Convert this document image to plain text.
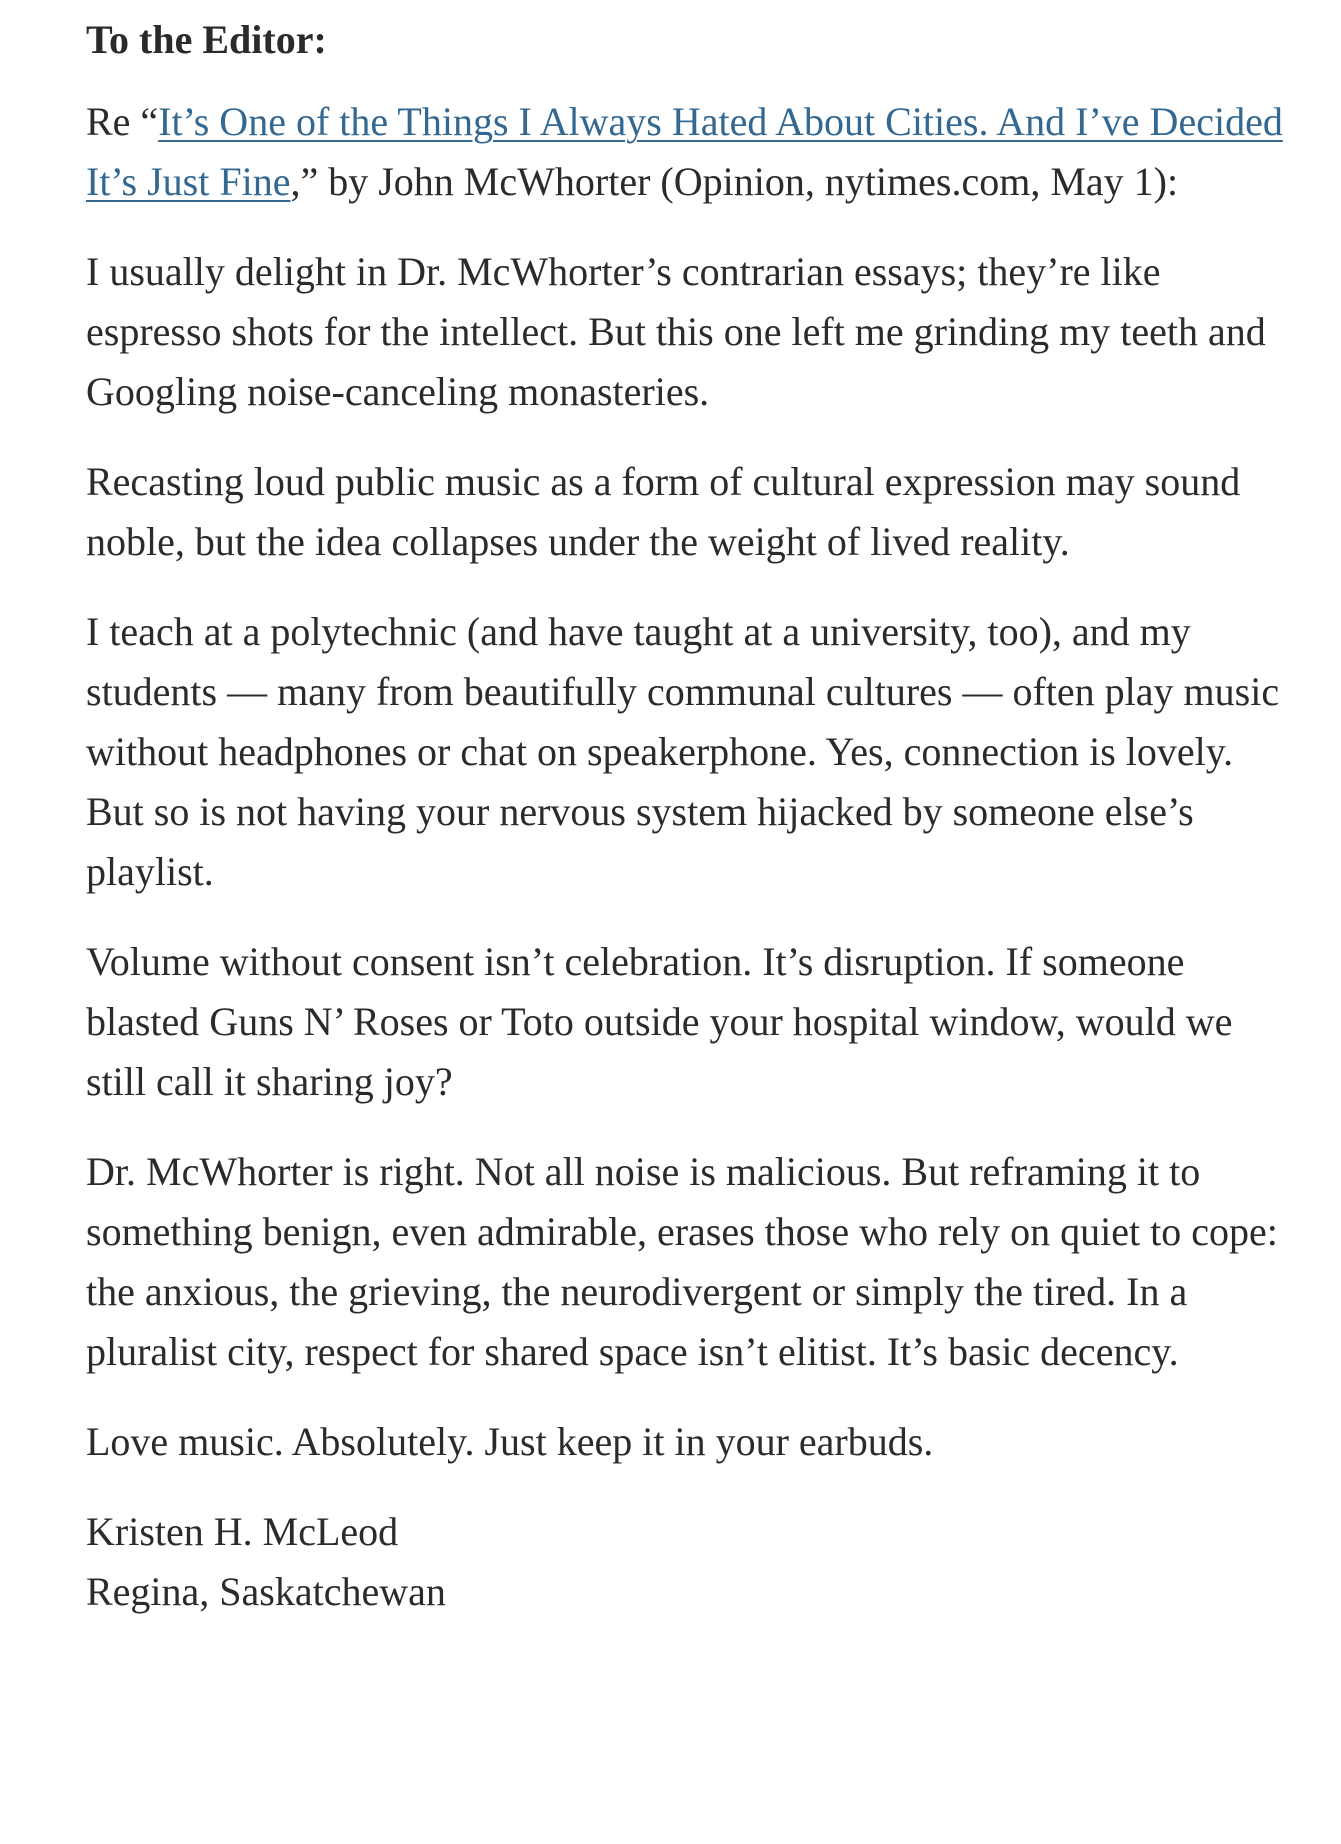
To the Editor:

Re “It’s One of the Things I Always Hated About Cities. And I’ve Decided It’s Just Fine,” by John McWhorter (Opinion, nytimes.com, May 1):

I usually delight in Dr. McWhorter’s contrarian essays; they’re like espresso shots for the intellect. But this one left me grinding my teeth and Googling noise-canceling monasteries.

Recasting loud public music as a form of cultural expression may sound noble, but the idea collapses under the weight of lived reality.

I teach at a polytechnic (and have taught at a university, too), and my students — many from beautifully communal cultures — often play music without headphones or chat on speakerphone. Yes, connection is lovely. But so is not having your nervous system hijacked by someone else’s playlist.

Volume without consent isn’t celebration. It’s disruption. If someone blasted Guns N’ Roses or Toto outside your hospital window, would we still call it sharing joy?

Dr. McWhorter is right. Not all noise is malicious. But reframing it to something benign, even admirable, erases those who rely on quiet to cope: the anxious, the grieving, the neurodivergent or simply the tired. In a pluralist city, respect for shared space isn’t elitist. It’s basic decency.

Love music. Absolutely. Just keep it in your earbuds.

Kristen H. McLeod
Regina, Saskatchewan
